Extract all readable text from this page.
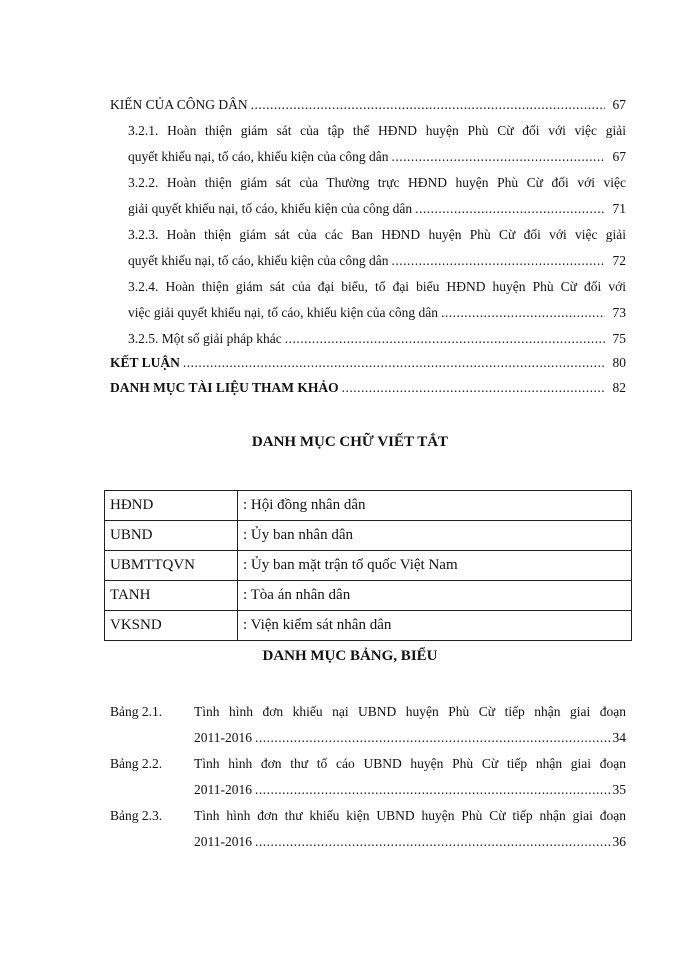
KIẾN CỦA CÔNG DÂN .....	67
3.2.1. Hoàn thiện giám sát của tập thể HĐND huyện Phù Cừ đối với việc giải
quyết khiếu nại, tố cáo, khiếu kiện của công dân .....	67
3.2.2. Hoàn thiện giám sát của Thường trực HĐND huyện Phù Cừ đối với việc
giải quyết khiếu nại, tố cáo, khiếu kiện của công dân .....	71
3.2.3. Hoàn thiện giám sát của các Ban HĐND huyện Phù Cừ đối với việc giải
quyết khiếu nại, tố cáo, khiếu kiện của công dân .....	72
3.2.4. Hoàn thiện giám sát của đại biểu, tổ đại biểu HĐND huyện Phù Cừ đối với
việc giải quyết khiếu nại, tố cáo, khiếu kiện của công dân .....	73
3.2.5. Một số giải pháp khác .....	75
KẾT LUẬN .....	80
DANH MỤC TÀI LIỆU THAM KHẢO .....	82
DANH MỤC CHỮ VIẾT TẮT
HĐND	: Hội đồng nhân dân
UBND	: Ủy ban nhân dân
UBMTTQVN	: Ủy ban mặt trận tổ quốc Việt Nam
TANH	: Tòa án nhân dân
VKSND	: Viện kiểm sát nhân dân
DANH MỤC BẢNG, BIỂU
Bảng 2.1. Tình hình đơn khiếu nại UBND huyện Phù Cừ tiếp nhận giai đoạn
2011-2016 .....	34
Bảng 2.2. Tình hình đơn thư tố cáo UBND huyện Phù Cừ tiếp nhận giai đoạn
2011-2016 .....	35
Bảng 2.3. Tình hình đơn thư khiếu kiện UBND huyện Phù Cừ tiếp nhận giai đoạn
2011-2016 .....	36
